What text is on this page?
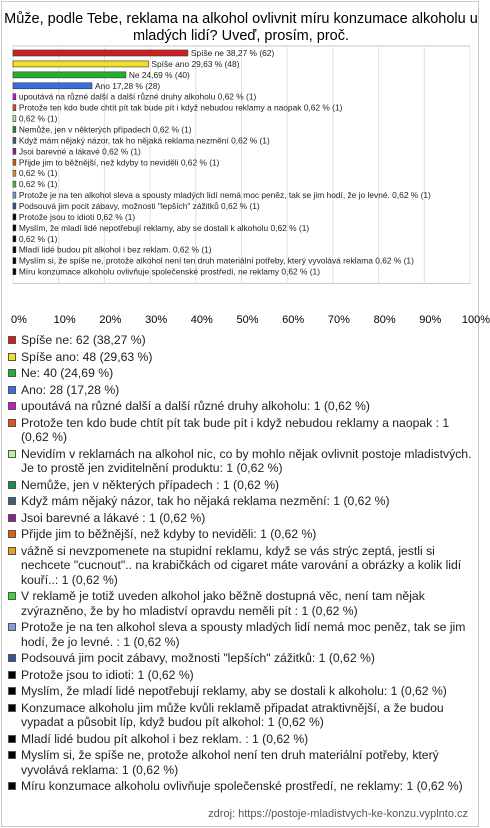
Může, podle Tebe, reklama na alkohol ovlivnit míru konzumace alkoholu u mladých lidí? Uveď, prosím, proč.
Spíše ne 38,27 % (62)
Spíše ano 29,63 % (48)
Ne 24,69 % (40)
Ano 17,28 % (28)
upoutává na různé další a další různé druhy alkoholu 0,62 % (1)
Protože ten kdo bude chtít pít tak bude pít i když nebudou reklamy a naopak 0,62 % (1)
0,62 % (1)
Nemůže, jen v některých případech 0,62 % (1)
Když mám nějaký názor, tak ho nějaká reklama nezmění 0,62 % (1)
Jsoi barevné a lákavé 0,62 % (1)
Přijde jim to běžnější, než kdyby to neviděli 0,62 % (1)
0,62 % (1)
0,62 % (1)
Protože je na ten alkohol sleva a spousty mladých lidí nemá moc peněz, tak se jim hodí, že jo levné. 0,62 % (1)
Podsouvá jim pocit zábavy, možnosti "lepších" zážitků 0,62 % (1)
Protože jsou to idioti 0,62 % (1)
Myslím, že mladí lidé nepotřebují reklamy, aby se dostali k alkoholu 0,62 % (1)
0,62 % (1)
Mladí lidé budou pít alkohol i bez reklam. 0,62 % (1)
Myslím si, že spíše ne, protože alkohol není ten druh materiální potřeby, který vyvolává reklama 0,62 % (1)
Míru konzumace alkoholu ovlivňuje společenské prostředí, ne reklamy 0,62 % (1)
0% 10% 20% 30% 40% 50% 60% 70% 80% 90% 100%
Spíše ne: 62 (38,27 %)
Spíše ano: 48 (29,63 %)
Ne: 40 (24,69 %)
Ano: 28 (17,28 %)
upoutává na různé další a další různé druhy alkoholu: 1 (0,62 %)
Protože ten kdo bude chtít pít tak bude pít i když nebudou reklamy a naopak : 1 (0,62 %)
Nevidím v reklamách na alkohol nic, co by mohlo nějak ovlivnit postoje mladistvých. Je to prostě jen zviditelnění produktu: 1 (0,62 %)
Nemůže, jen v některých případech : 1 (0,62 %)
Když mám nějaký názor, tak ho nějaká reklama nezmění: 1 (0,62 %)
Jsoi barevné a lákavé : 1 (0,62 %)
Přijde jim to běžnější, než kdyby to neviděli: 1 (0,62 %)
vážně si nevzpomenete na stupidní reklamu, když se vás strýc zeptá, jestli si nechcete "cucnout".. na krabičkách od cigaret máte varování a obrázky a kolik lidí kouří..: 1 (0,62 %)
V reklamě je totiž uveden alkohol jako běžně dostupná věc, není tam nějak zvýrazněno, že by ho mladiství opravdu neměli pít : 1 (0,62 %)
Protože je na ten alkohol sleva a spousty mladých lidí nemá moc peněz, tak se jim hodí, že jo levné. : 1 (0,62 %)
Podsouvá jim pocit zábavy, možnosti "lepších" zážitků: 1 (0,62 %)
Protože jsou to idioti: 1 (0,62 %)
Myslím, že mladí lidé nepotřebují reklamy, aby se dostali k alkoholu: 1 (0,62 %)
Konzumace alkoholu jim může kvůli reklamě připadat atraktivnější, a že budou vypadat a působit líp, když budou pít alkohol: 1 (0,62 %)
Mladí lidé budou pít alkohol i bez reklam. : 1 (0,62 %)
Myslím si, že spíše ne, protože alkohol není ten druh materiální potřeby, který vyvolává reklama: 1 (0,62 %)
Míru konzumace alkoholu ovlivňuje společenské prostředí, ne reklamy: 1 (0,62 %)
zdroj: https://postoje-mladistvych-ke-konzu.vyplnto.cz
